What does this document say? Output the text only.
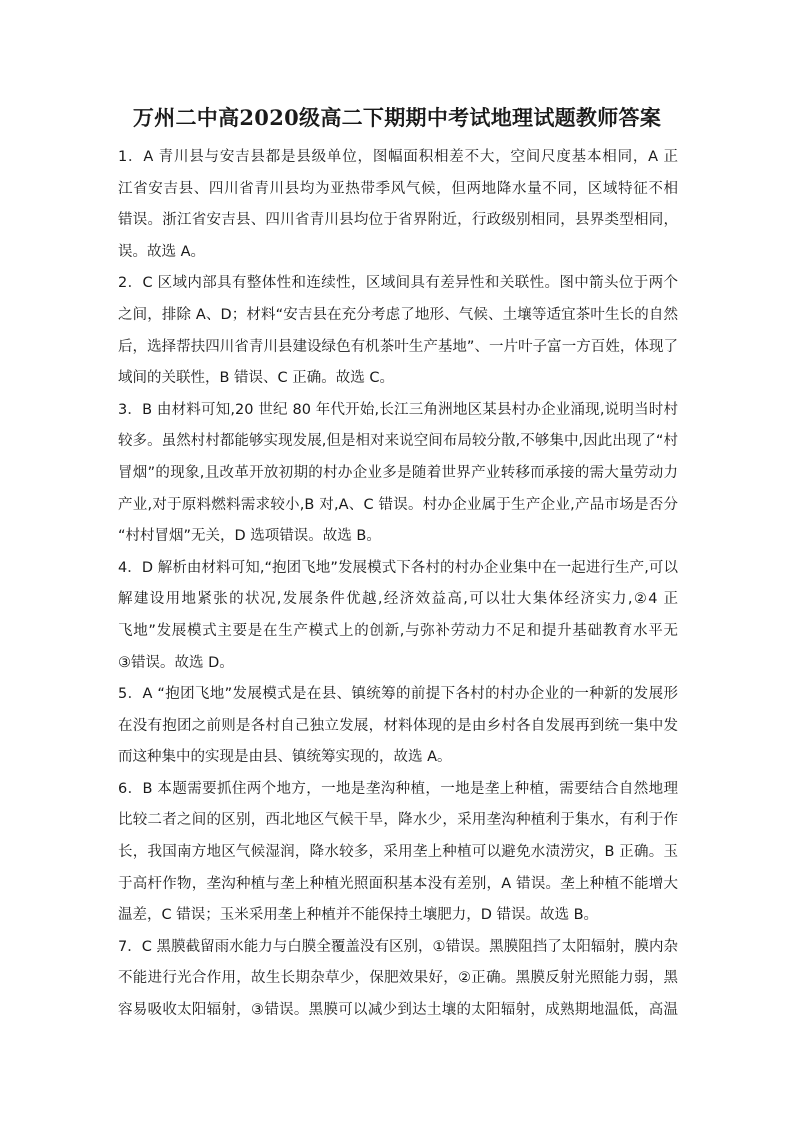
万州二中高2020级高二下期期中考试地理试题教师答案
1．A 青川县与安吉县都是县级单位，图幅面积相差不大，空间尺度基本相同，A 正
江省安吉县、四川省青川县均为亚热带季风气候，但两地降水量不同，区域特征不相
错误。浙江省安吉县、四川省青川县均位于省界附近，行政级别相同，县界类型相同，
误。故选 A。
2．C 区域内部具有整体性和连续性，区域间具有差异性和关联性。图中箭头位于两个
之间，排除 A、D；材料“安吉县在充分考虑了地形、气候、土壤等适宜茶叶生长的自然
后，选择帮扶四川省青川县建设绿色有机茶叶生产基地”、一片叶子富一方百姓，体现了
域间的关联性，B 错误、C 正确。故选 C。
3．B 由材料可知,20 世纪 80 年代开始,长江三角洲地区某县村办企业涌现,说明当时村
较多。虽然村村都能够实现发展,但是相对来说空间布局较分散,不够集中,因此出现了“村
冒烟”的现象,且改革开放初期的村办企业多是随着世界产业转移而承接的需大量劳动力
产业,对于原料燃料需求较小,B 对,A、C 错误。村办企业属于生产企业,产品市场是否分
“村村冒烟”无关，D 选项错误。故选 B。
4．D 解析由材料可知,“抱团飞地”发展模式下各村的村办企业集中在一起进行生产,可以
解建设用地紧张的状况,发展条件优越,经济效益高,可以壮大集体经济实力,②4 正
飞地”发展模式主要是在生产模式上的创新,与弥补劳动力不足和提升基础教育水平无
③错误。故选 D。
5．A “抱团飞地”发展模式是在县、镇统筹的前提下各村的村办企业的一种新的发展形
在没有抱团之前则是各村自己独立发展，材料体现的是由乡村各自发展再到统一集中发
而这种集中的实现是由县、镇统筹实现的，故选 A。
6．B 本题需要抓住两个地方，一地是垄沟种植，一地是垄上种植，需要结合自然地理
比较二者之间的区别，西北地区气候干旱，降水少，采用垄沟种植利于集水，有利于作
长，我国南方地区气候湿润，降水较多，采用垄上种植可以避免水渍涝灾，B 正确。玉
于高杆作物，垄沟种植与垄上种植光照面积基本没有差别，A 错误。垄上种植不能增大
温差，C 错误；玉米采用垄上种植并不能保持土壤肥力，D 错误。故选 B。
7．C 黑膜截留雨水能力与白膜全覆盖没有区别，①错误。黑膜阻挡了太阳辐射，膜内杂
不能进行光合作用，故生长期杂草少，保肥效果好，②正确。黑膜反射光照能力弱，黑
容易吸收太阳辐射，③错误。黑膜可以减少到达土壤的太阳辐射，成熟期地温低，高温
